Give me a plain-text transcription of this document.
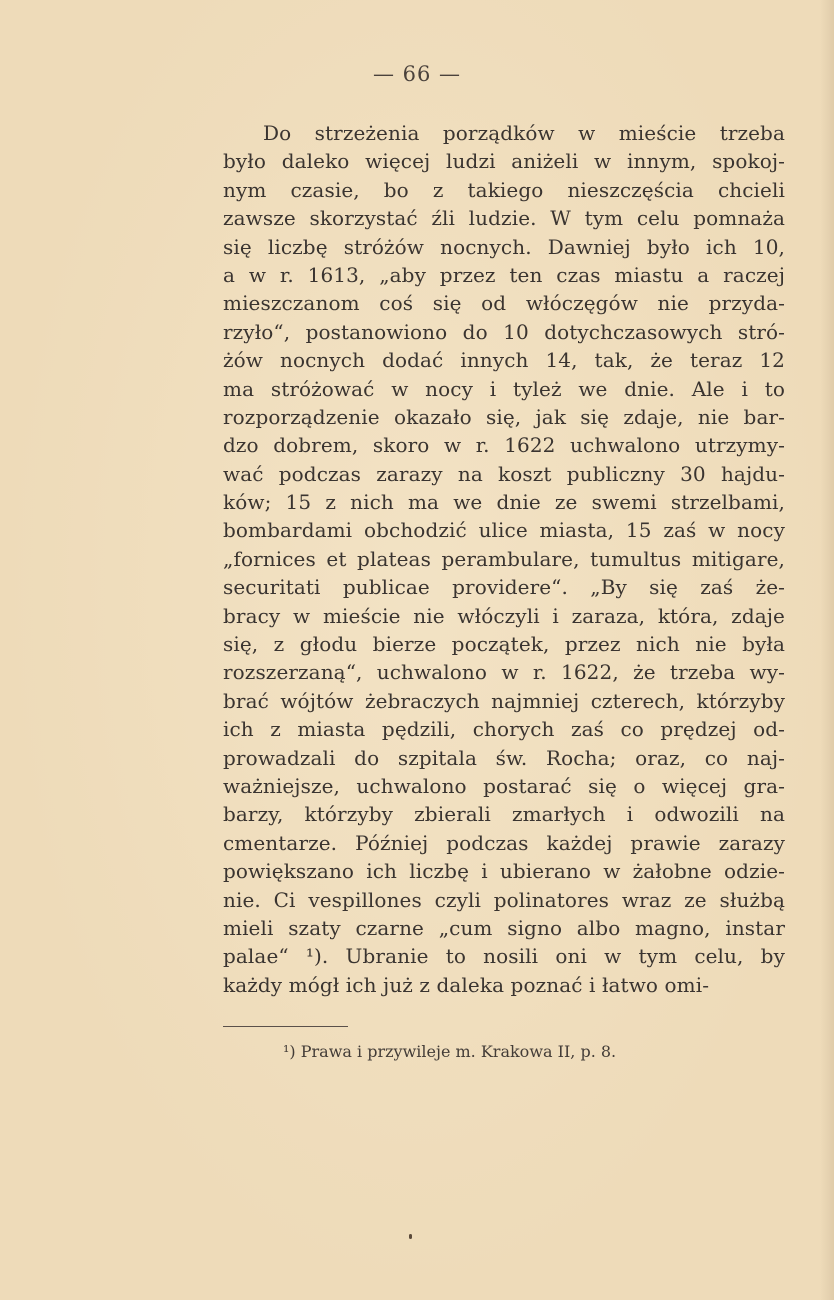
— 66 —
Do strzeżenia porządków w mieście trzeba
było daleko więcej ludzi aniżeli w innym, spokoj-
nym czasie, bo z takiego nieszczęścia chcieli
zawsze skorzystać źli ludzie. W tym celu pomnaża
się liczbę stróżów nocnych. Dawniej było ich 10,
a w r. 1613, „aby przez ten czas miastu a raczej
mieszczanom coś się od włóczęgów nie przyda-
rzyło“, postanowiono do 10 dotychczasowych stró-
żów nocnych dodać innych 14, tak, że teraz 12
ma stróżować w nocy i tyleż we dnie. Ale i to
rozporządzenie okazało się, jak się zdaje, nie bar-
dzo dobrem, skoro w r. 1622 uchwalono utrzymy-
wać podczas zarazy na koszt publiczny 30 hajdu-
ków; 15 z nich ma we dnie ze swemi strzelbami,
bombardami obchodzić ulice miasta, 15 zaś w nocy
„fornices et plateas perambulare, tumultus mitigare,
securitati publicae providere“. „By się zaś że-
bracy w mieście nie włóczyli i zaraza, która, zdaje
się, z głodu bierze początek, przez nich nie była
rozszerzaną“, uchwalono w r. 1622, że trzeba wy-
brać wójtów żebraczych najmniej czterech, którzyby
ich z miasta pędzili, chorych zaś co prędzej od-
prowadzali do szpitala św. Rocha; oraz, co naj-
ważniejsze, uchwalono postarać się o więcej gra-
barzy, którzyby zbierali zmarłych i odwozili na
cmentarze. Później podczas każdej prawie zarazy
powiększano ich liczbę i ubierano w żałobne odzie-
nie. Ci vespillones czyli polinatores wraz ze służbą
mieli szaty czarne „cum signo albo magno, instar
palae“ ¹). Ubranie to nosili oni w tym celu, by
każdy mógł ich już z daleka poznać i łatwo omi-
¹) Prawa i przywileje m. Krakowa II, p. 8.
